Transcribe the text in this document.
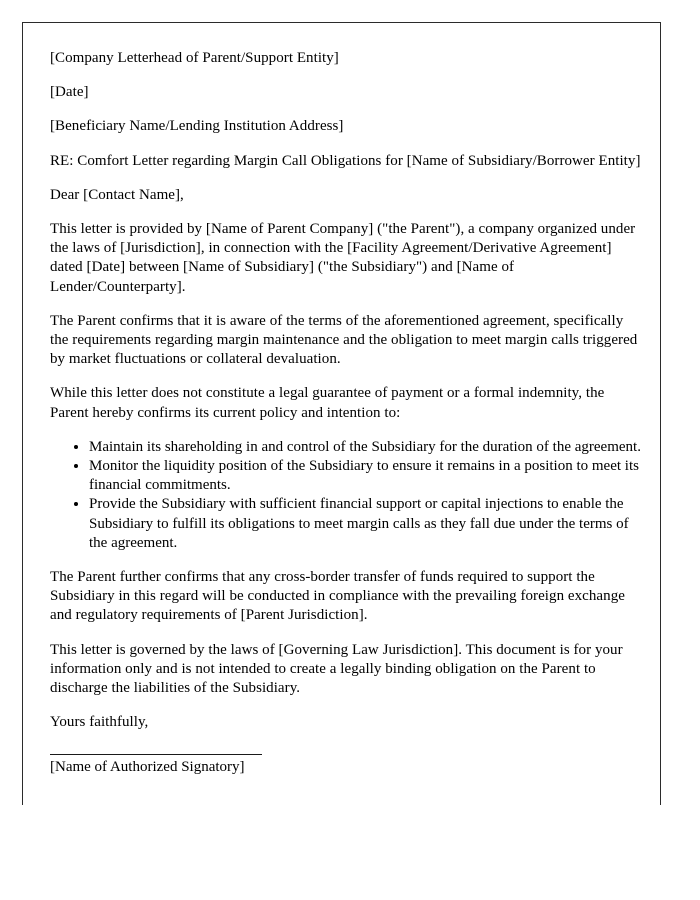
[Company Letterhead of Parent/Support Entity]

[Date]

[Beneficiary Name/Lending Institution Address]

RE: Comfort Letter regarding Margin Call Obligations for [Name of Subsidiary/Borrower Entity]

Dear [Contact Name],

This letter is provided by [Name of Parent Company] ("the Parent"), a company organized under the laws of [Jurisdiction], in connection with the [Facility Agreement/Derivative Agreement] dated [Date] between [Name of Subsidiary] ("the Subsidiary") and [Name of Lender/Counterparty].

The Parent confirms that it is aware of the terms of the aforementioned agreement, specifically the requirements regarding margin maintenance and the obligation to meet margin calls triggered by market fluctuations or collateral devaluation.

While this letter does not constitute a legal guarantee of payment or a formal indemnity, the Parent hereby confirms its current policy and intention to:

• Maintain its shareholding in and control of the Subsidiary for the duration of the agreement.
• Monitor the liquidity position of the Subsidiary to ensure it remains in a position to meet its financial commitments.
• Provide the Subsidiary with sufficient financial support or capital injections to enable the Subsidiary to fulfill its obligations to meet margin calls as they fall due under the terms of the agreement.

The Parent further confirms that any cross-border transfer of funds required to support the Subsidiary in this regard will be conducted in compliance with the prevailing foreign exchange and regulatory requirements of [Parent Jurisdiction].

This letter is governed by the laws of [Governing Law Jurisdiction]. This document is for your information only and is not intended to create a legally binding obligation on the Parent to discharge the liabilities of the Subsidiary.

Yours faithfully,

[Name of Authorized Signatory]
